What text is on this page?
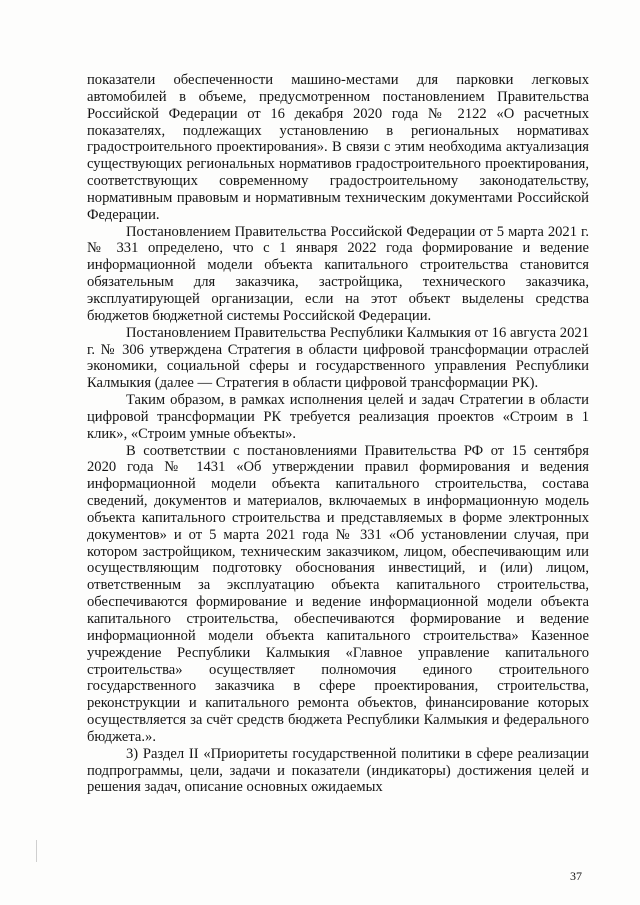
показатели обеспеченности машино-местами для парковки легковых автомобилей в объеме, предусмотренном постановлением Правительства Российской Федерации от 16 декабря 2020 года № 2122 «О расчетных показателях, подлежащих установлению в региональных нормативах градостроительного проектирования». В связи с этим необходима актуализация существующих региональных нормативов градостроительного проектирования, соответствующих современному градостроительному законодательству, нормативным правовым и нормативным техническим документами Российской Федерации.

Постановлением Правительства Российской Федерации от 5 марта 2021 г. № 331 определено, что с 1 января 2022 года формирование и ведение информационной модели объекта капитального строительства становится обязательным для заказчика, застройщика, технического заказчика, эксплуатирующей организации, если на этот объект выделены средства бюджетов бюджетной системы Российской Федерации.

Постановлением Правительства Республики Калмыкия от 16 августа 2021 г. № 306 утверждена Стратегия в области цифровой трансформации отраслей экономики, социальной сферы и государственного управления Республики Калмыкия (далее — Стратегия в области цифровой трансформации РК).

Таким образом, в рамках исполнения целей и задач Стратегии в области цифровой трансформации РК требуется реализация проектов «Строим в 1 клик», «Строим умные объекты».

В соответствии с постановлениями Правительства РФ от 15 сентября 2020 года № 1431 «Об утверждении правил формирования и ведения информационной модели объекта капитального строительства, состава сведений, документов и материалов, включаемых в информационную модель объекта капитального строительства и представляемых в форме электронных документов» и от 5 марта 2021 года № 331 «Об установлении случая, при котором застройщиком, техническим заказчиком, лицом, обеспечивающим или осуществляющим подготовку обоснования инвестиций, и (или) лицом, ответственным за эксплуатацию объекта капитального строительства, обеспечиваются формирование и ведение информационной модели объекта капитального строительства, обеспечиваются формирование и ведение информационной модели объекта капитального строительства» Казенное учреждение Республики Калмыкия «Главное управление капитального строительства» осуществляет полномочия единого строительного государственного заказчика в сфере проектирования, строительства, реконструкции и капитального ремонта объектов, финансирование которых осуществляется за счёт средств бюджета Республики Калмыкия и федерального бюджета.».

3) Раздел II «Приоритеты государственной политики в сфере реализации подпрограммы, цели, задачи и показатели (индикаторы) достижения целей и решения задач, описание основных ожидаемых

37
